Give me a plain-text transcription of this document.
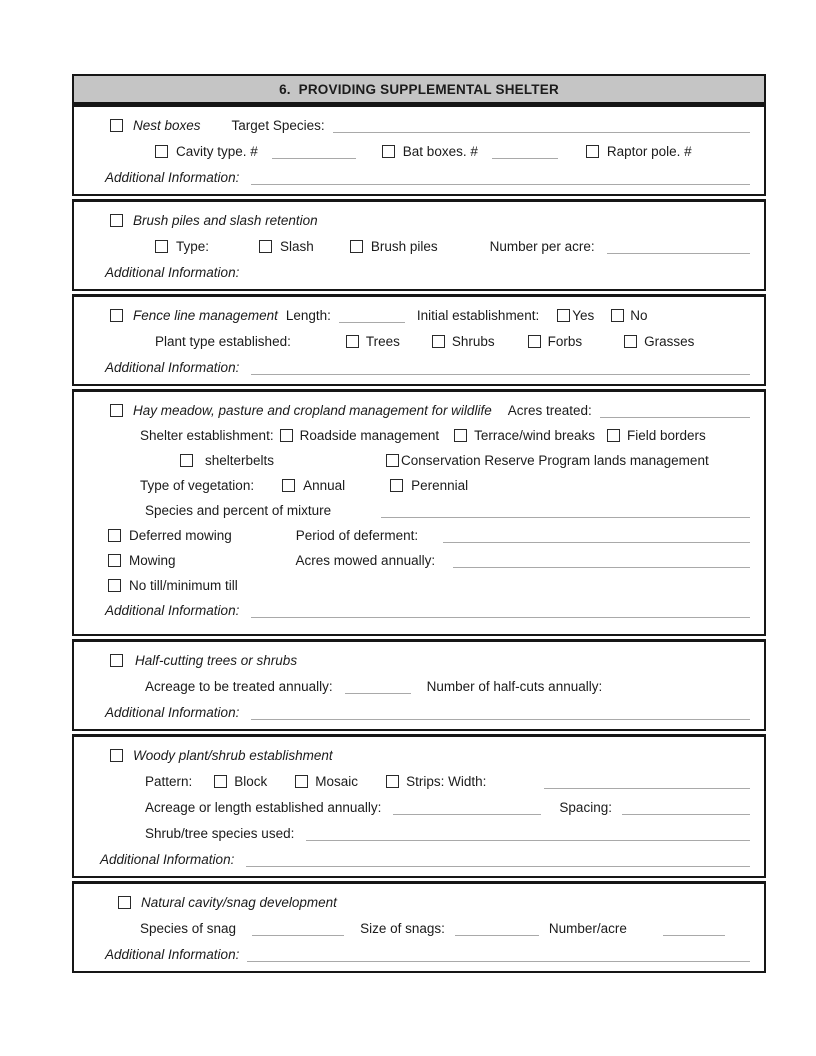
6.  PROVIDING SUPPLEMENTAL SHELTER
Nest boxes Target Species:
Cavity type. #	Bat boxes. #	Raptor pole. #
Additional Information:
Brush piles and slash retention
Type:	Slash	Brush piles	Number per acre:
Additional Information:
Fence line management Length:	Initial establishment: Yes	No
Plant type established:	Trees	Shrubs	Forbs	Grasses
Additional Information:
Hay meadow, pasture and cropland management for wildlife Acres treated:
Shelter establishment: Roadside management	Terrace/wind breaks Field borders
shelterbelts	Conservation Reserve Program lands management
Type of vegetation:	Annual	Perennial
Species and percent of mixture
Deferred mowing	Period of deferment:
Mowing	Acres mowed annually:
No till/minimum till
Additional Information:
Half-cutting trees or shrubs
Acreage to be treated annually:	Number of half-cuts annually:
Additional Information:
Woody plant/shrub establishment
Pattern:	Block	Mosaic	Strips: Width:
Acreage or length established annually:	Spacing:
Shrub/tree species used:
Additional Information:
Natural cavity/snag development
Species of snag	Size of snags:	Number/acre
Additional Information:
